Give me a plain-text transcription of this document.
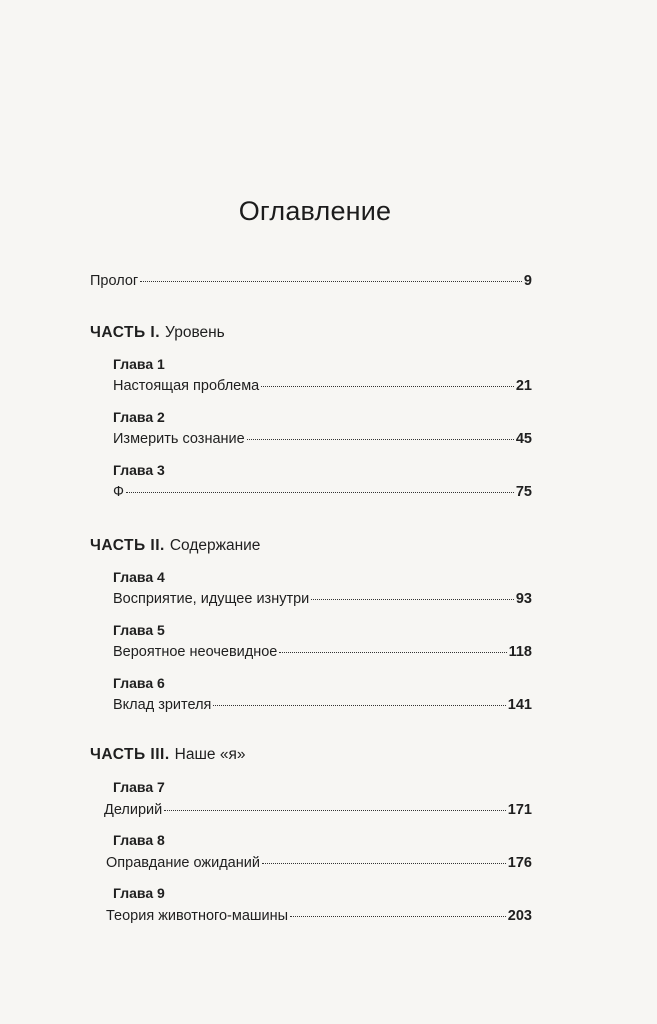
Оглавление
Пролог	9
ЧАСТЬ I. Уровень
Глава 1
Настоящая проблема	21
Глава 2
Измерить сознание	45
Глава 3
Ф	75
ЧАСТЬ II. Содержание
Глава 4
Восприятие, идущее изнутри	93
Глава 5
Вероятное неочевидное	118
Глава 6
Вклад зрителя	141
ЧАСТЬ III. Наше «я»
Глава 7
Делирий	171
Глава 8
Оправдание ожиданий	176
Глава 9
Теория животного-машины	203
